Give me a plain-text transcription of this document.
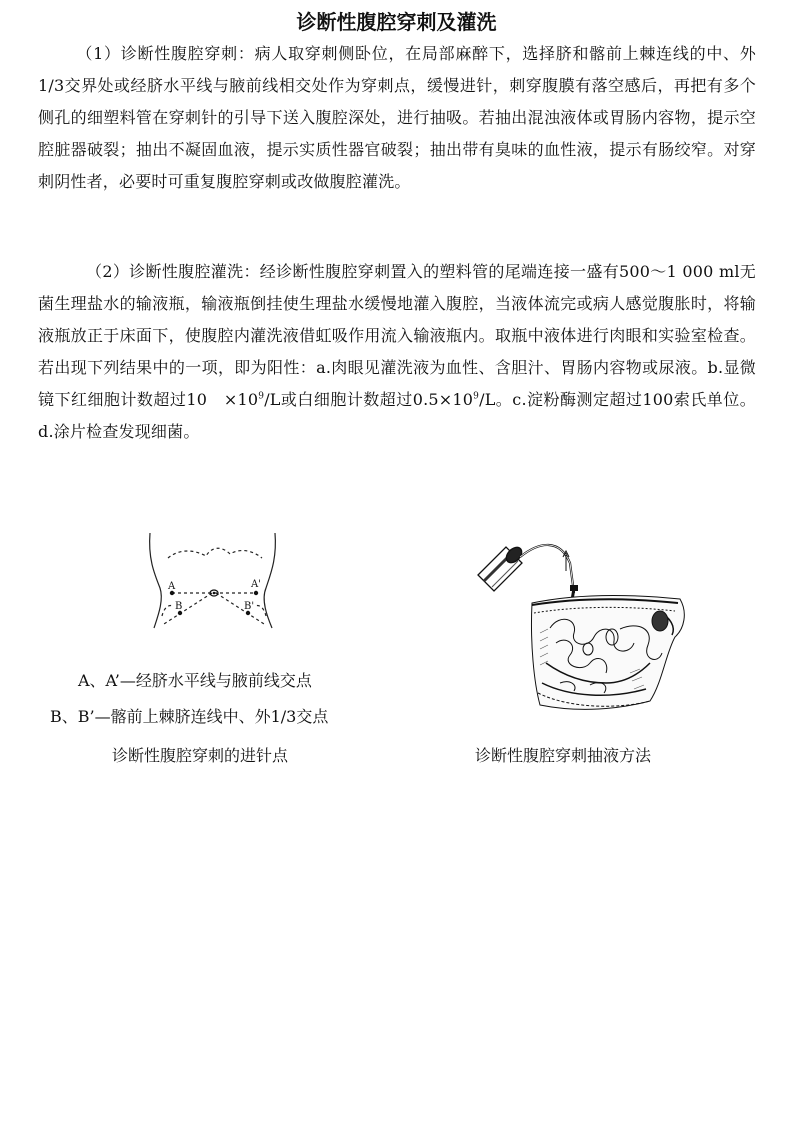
诊断性腹腔穿刺及灌洗

（1）诊断性腹腔穿刺：病人取穿刺侧卧位，在局部麻醉下，选择脐和髂前上棘连线的中、外1/3交界处或经脐水平线与腋前线相交处作为穿刺点，缓慢进针，刺穿腹膜有落空感后，再把有多个侧孔的细塑料管在穿刺针的引导下送入腹腔深处，进行抽吸。若抽出混浊液体或胃肠内容物，提示空腔脏器破裂；抽出不凝固血液，提示实质性器官破裂；抽出带有臭味的血性液，提示有肠绞窄。对穿刺阴性者，必要时可重复腹腔穿刺或改做腹腔灌洗。

（2）诊断性腹腔灌洗：经诊断性腹腔穿刺置入的塑料管的尾端连接一盛有500～1 000 ml无菌生理盐水的输液瓶，输液瓶倒挂使生理盐水缓慢地灌入腹腔，当液体流完或病人感觉腹胀时，将输液瓶放正于床面下，使腹腔内灌洗液借虹吸作用流入输液瓶内。取瓶中液体进行肉眼和实验室检查。若出现下列结果中的一项，即为阳性：a.肉眼见灌洗液为血性、含胆汁、胃肠内容物或尿液。b.显微镜下红细胞计数超过10　$\times 10^9/L$或白细胞计数超过$0.5\times 10^9/L$。c.淀粉酶测定超过100索氏单位。d.涂片检查发现细菌。

A	A'
B	B'
A、A’—经脐水平线与腋前线交点
B、B’—髂前上棘脐连线中、外1/3交点
诊断性腹腔穿刺的进针点	诊断性腹腔穿刺抽液方法
